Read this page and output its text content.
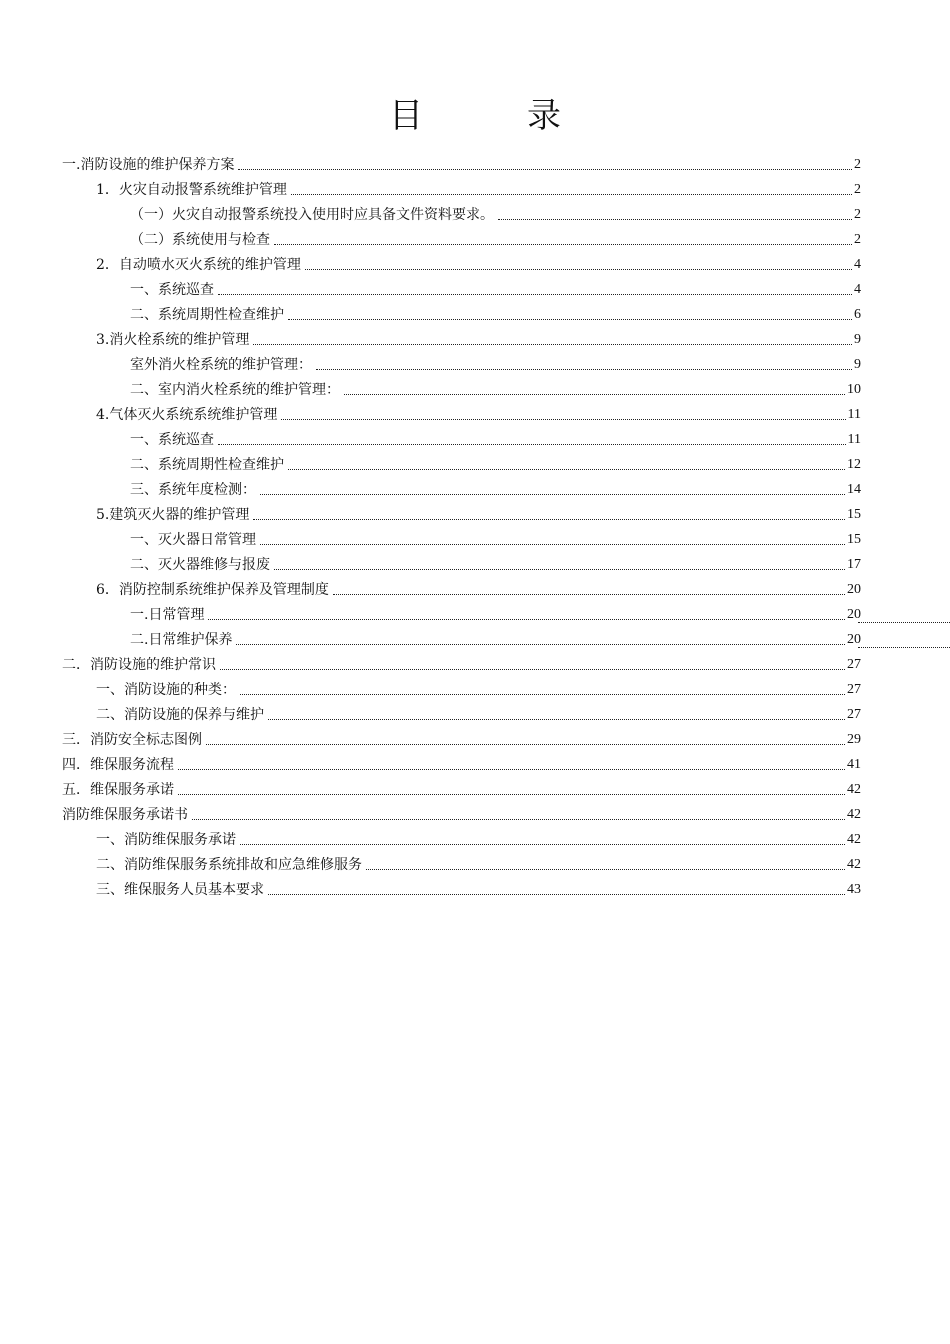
目	录
一.消防设施的维护保养方案	2
1．火灾自动报警系统维护管理	2
（一）火灾自动报警系统投入使用时应具备文件资料要求。	2
（二）系统使用与检查	2
2．自动喷水灭火系统的维护管理	4
一、系统巡查	4
二、系统周期性检查维护	6
3.消火栓系统的维护管理	9
室外消火栓系统的维护管理：	9
二、室内消火栓系统的维护管理：	10
4.气体灭火系统系统维护管理	11
一、系统巡查	11
二、系统周期性检查维护	12
三、系统年度检测：	14
5.建筑灭火器的维护管理	15
一、灭火器日常管理	15
二、灭火器维修与报废	17
6．消防控制系统维护保养及管理制度	20
一.日常管理	20
二.日常维护保养	20
二．消防设施的维护常识	27
一、消防设施的种类：	27
二、消防设施的保养与维护	27
三．消防安全标志图例	29
四．维保服务流程	41
五．维保服务承诺	42
消防维保服务承诺书	42
一、消防维保服务承诺	42
二、消防维保服务系统排故和应急维修服务	42
三、维保服务人员基本要求	43
